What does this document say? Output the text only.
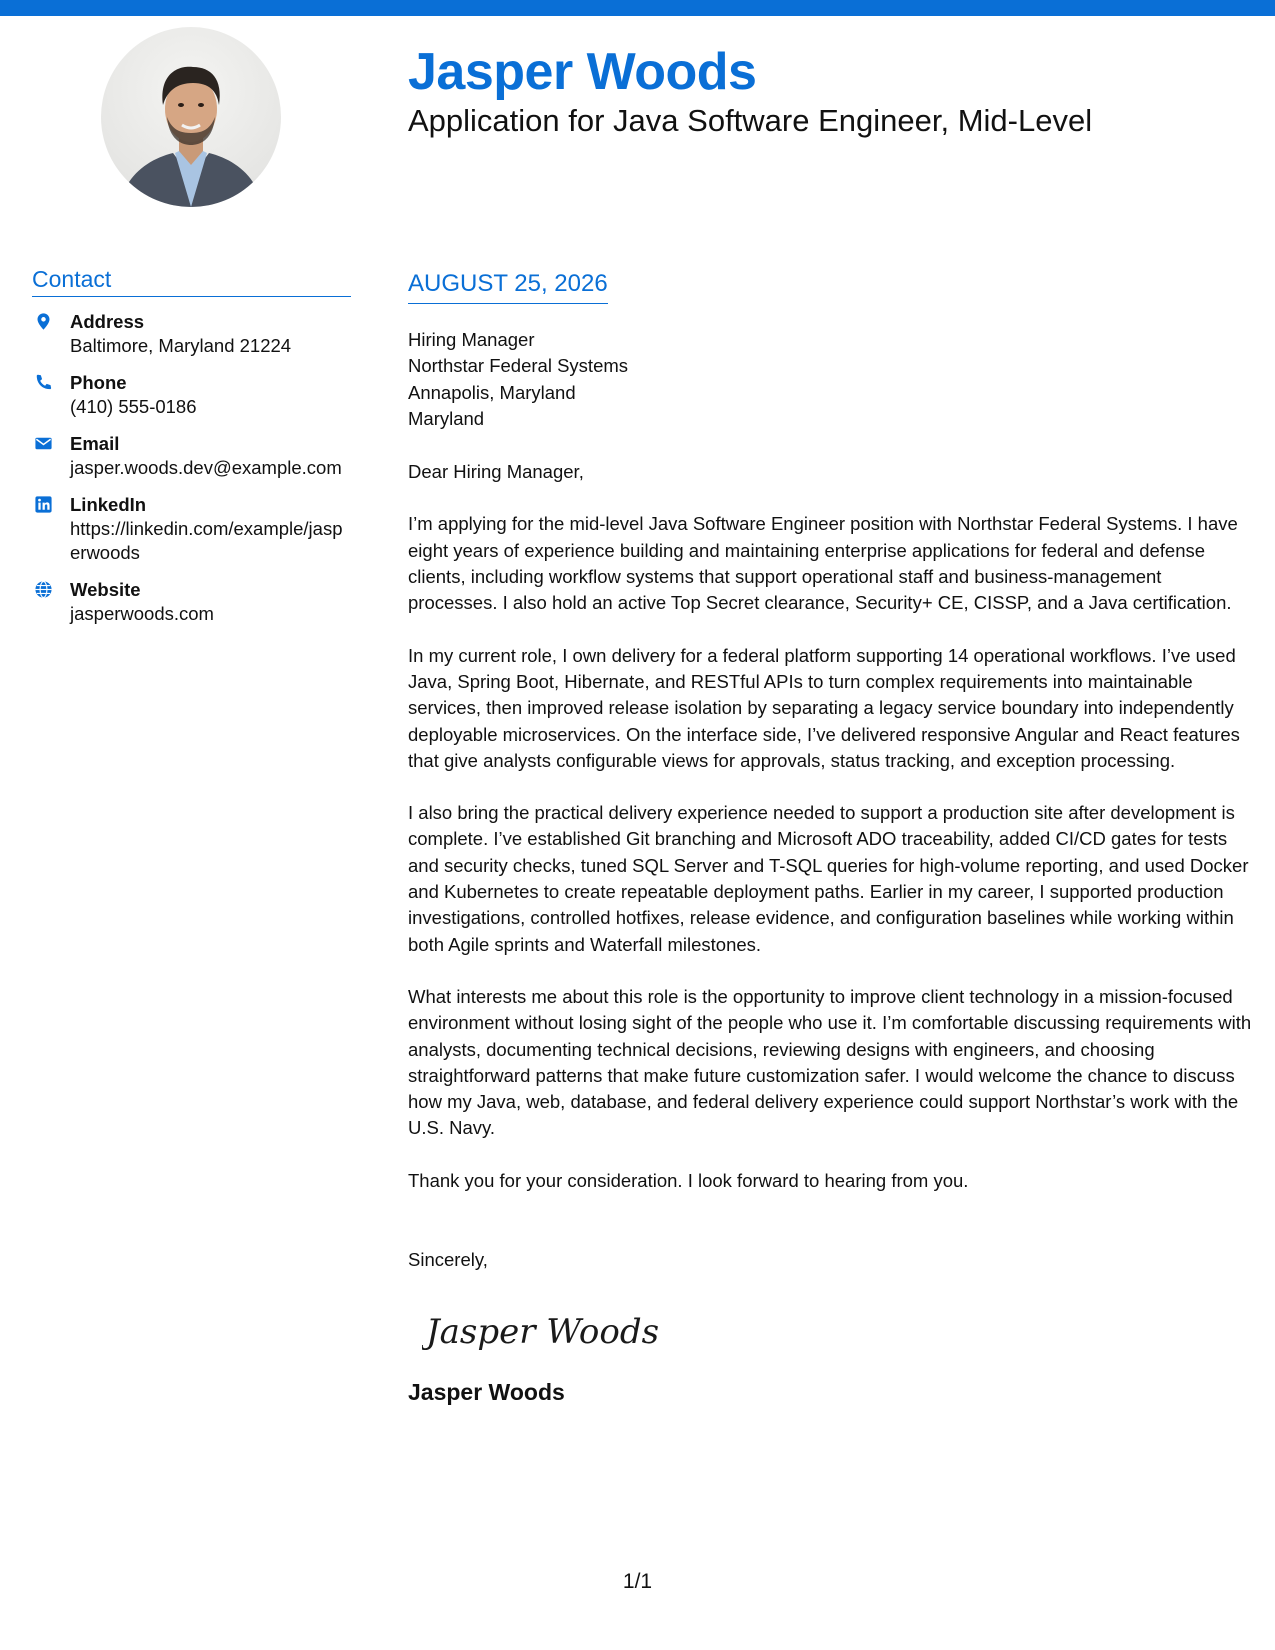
Jasper Woods
Application for Java Software Engineer, Mid-Level
Contact
Address
Baltimore, Maryland 21224
Phone
(410) 555-0186
Email
jasper.woods.dev@example.com
LinkedIn
https://linkedin.com/example/jasperwoods
Website
jasperwoods.com
AUGUST 25, 2026
Hiring Manager
Northstar Federal Systems
Annapolis, Maryland
Maryland
Dear Hiring Manager,

I’m applying for the mid-level Java Software Engineer position with Northstar Federal Systems. I have eight years of experience building and maintaining enterprise applications for federal and defense clients, including workflow systems that support operational staff and business-management processes. I also hold an active Top Secret clearance, Security+ CE, CISSP, and a Java certification.

In my current role, I own delivery for a federal platform supporting 14 operational workflows. I’ve used Java, Spring Boot, Hibernate, and RESTful APIs to turn complex requirements into maintainable services, then improved release isolation by separating a legacy service boundary into independently deployable microservices. On the interface side, I’ve delivered responsive Angular and React features that give analysts configurable views for approvals, status tracking, and exception processing.

I also bring the practical delivery experience needed to support a production site after development is complete. I’ve established Git branching and Microsoft ADO traceability, added CI/CD gates for tests and security checks, tuned SQL Server and T-SQL queries for high-volume reporting, and used Docker and Kubernetes to create repeatable deployment paths. Earlier in my career, I supported production investigations, controlled hotfixes, release evidence, and configuration baselines while working within both Agile sprints and Waterfall milestones.

What interests me about this role is the opportunity to improve client technology in a mission-focused environment without losing sight of the people who use it. I’m comfortable discussing requirements with analysts, documenting technical decisions, reviewing designs with engineers, and choosing straightforward patterns that make future customization safer. I would welcome the chance to discuss how my Java, web, database, and federal delivery experience could support Northstar’s work with the U.S. Navy.

Thank you for your consideration. I look forward to hearing from you.

Sincerely,
Jasper Woods
Jasper Woods
1/1
